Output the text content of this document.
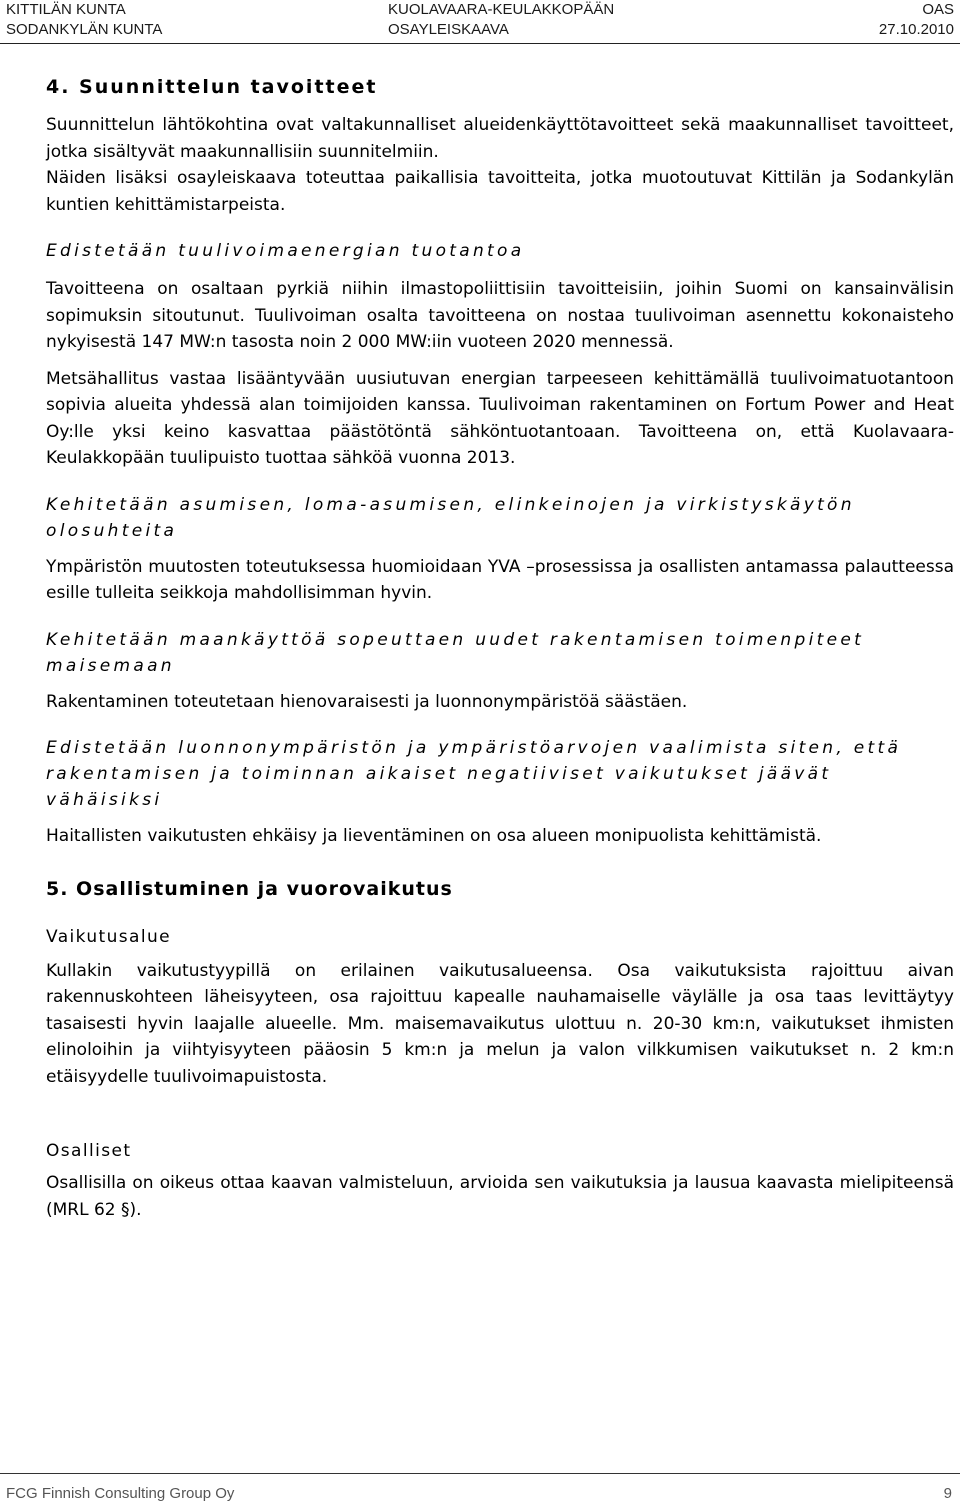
KITTILÄN KUNTA
SODANKYLÄN KUNTA
KUOLAVAARA-KEULAKKOPÄÄN
OSAYLEISKAAVA
OAS
27.10.2010
4. Suunnittelun tavoitteet

Suunnittelun lähtökohtina ovat valtakunnalliset alueidenkäyttötavoitteet sekä maakunnalliset tavoitteet, jotka sisältyvät maakunnallisiin suunnitelmiin.

Näiden lisäksi osayleiskaava toteuttaa paikallisia tavoitteita, jotka muotoutuvat Kittilän ja Sodankylän kuntien kehittämistarpeista.

Edistetään tuulivoimaenergian tuotantoa

Tavoitteena on osaltaan pyrkiä niihin ilmastopoliittisiin tavoitteisiin, joihin Suomi on kansainvälisin sopimuksin sitoutunut. Tuulivoiman osalta tavoitteena on nostaa tuulivoiman asennettu kokonaisteho nykyisestä 147 MW:n tasosta noin 2 000 MW:iin vuoteen 2020 mennessä.

Metsähallitus vastaa lisääntyvään uusiutuvan energian tarpeeseen kehittämällä tuulivoimatuotantoon sopivia alueita yhdessä alan toimijoiden kanssa. Tuulivoiman rakentaminen on Fortum Power and Heat Oy:lle yksi keino kasvattaa päästötöntä sähköntuotantoaan. Tavoitteena on, että Kuolavaara-Keulakkopään tuulipuisto tuottaa sähköä vuonna 2013.

Kehitetään asumisen, loma-asumisen, elinkeinojen ja virkistyskäytön olosuhteita

Ympäristön muutosten toteutuksessa huomioidaan YVA –prosessissa ja osallisten antamassa palautteessa esille tulleita seikkoja mahdollisimman hyvin.

Kehitetään maankäyttöä sopeuttaen uudet rakentamisen toimenpiteet maisemaan

Rakentaminen toteutetaan hienovaraisesti ja luonnonympäristöä säästäen.

Edistetään luonnonympäristön ja ympäristöarvojen vaalimista siten, että rakentamisen ja toiminnan aikaiset negatiiviset vaikutukset jäävät vähäisiksi

Haitallisten vaikutusten ehkäisy ja lieventäminen on osa alueen monipuolista kehittämistä.

5. Osallistuminen ja vuorovaikutus

Vaikutusalue

Kullakin vaikutustyypillä on erilainen vaikutusalueensa. Osa vaikutuksista rajoittuu aivan rakennuskohteen läheisyyteen, osa rajoittuu kapealle nauhamaiselle väylälle ja osa taas levittäytyy tasaisesti hyvin laajalle alueelle. Mm. maisemavaikutus ulottuu n. 20-30 km:n, vaikutukset ihmisten elinoloihin ja viihtyisyyteen pääosin 5 km:n ja melun ja valon vilkkumisen vaikutukset n. 2 km:n etäisyydelle tuulivoimapuistosta.

Osalliset

Osallisilla on oikeus ottaa kaavan valmisteluun, arvioida sen vaikutuksia ja lausua kaavasta mielipiteensä (MRL 62 §).

FCG Finnish Consulting Group Oy	9
